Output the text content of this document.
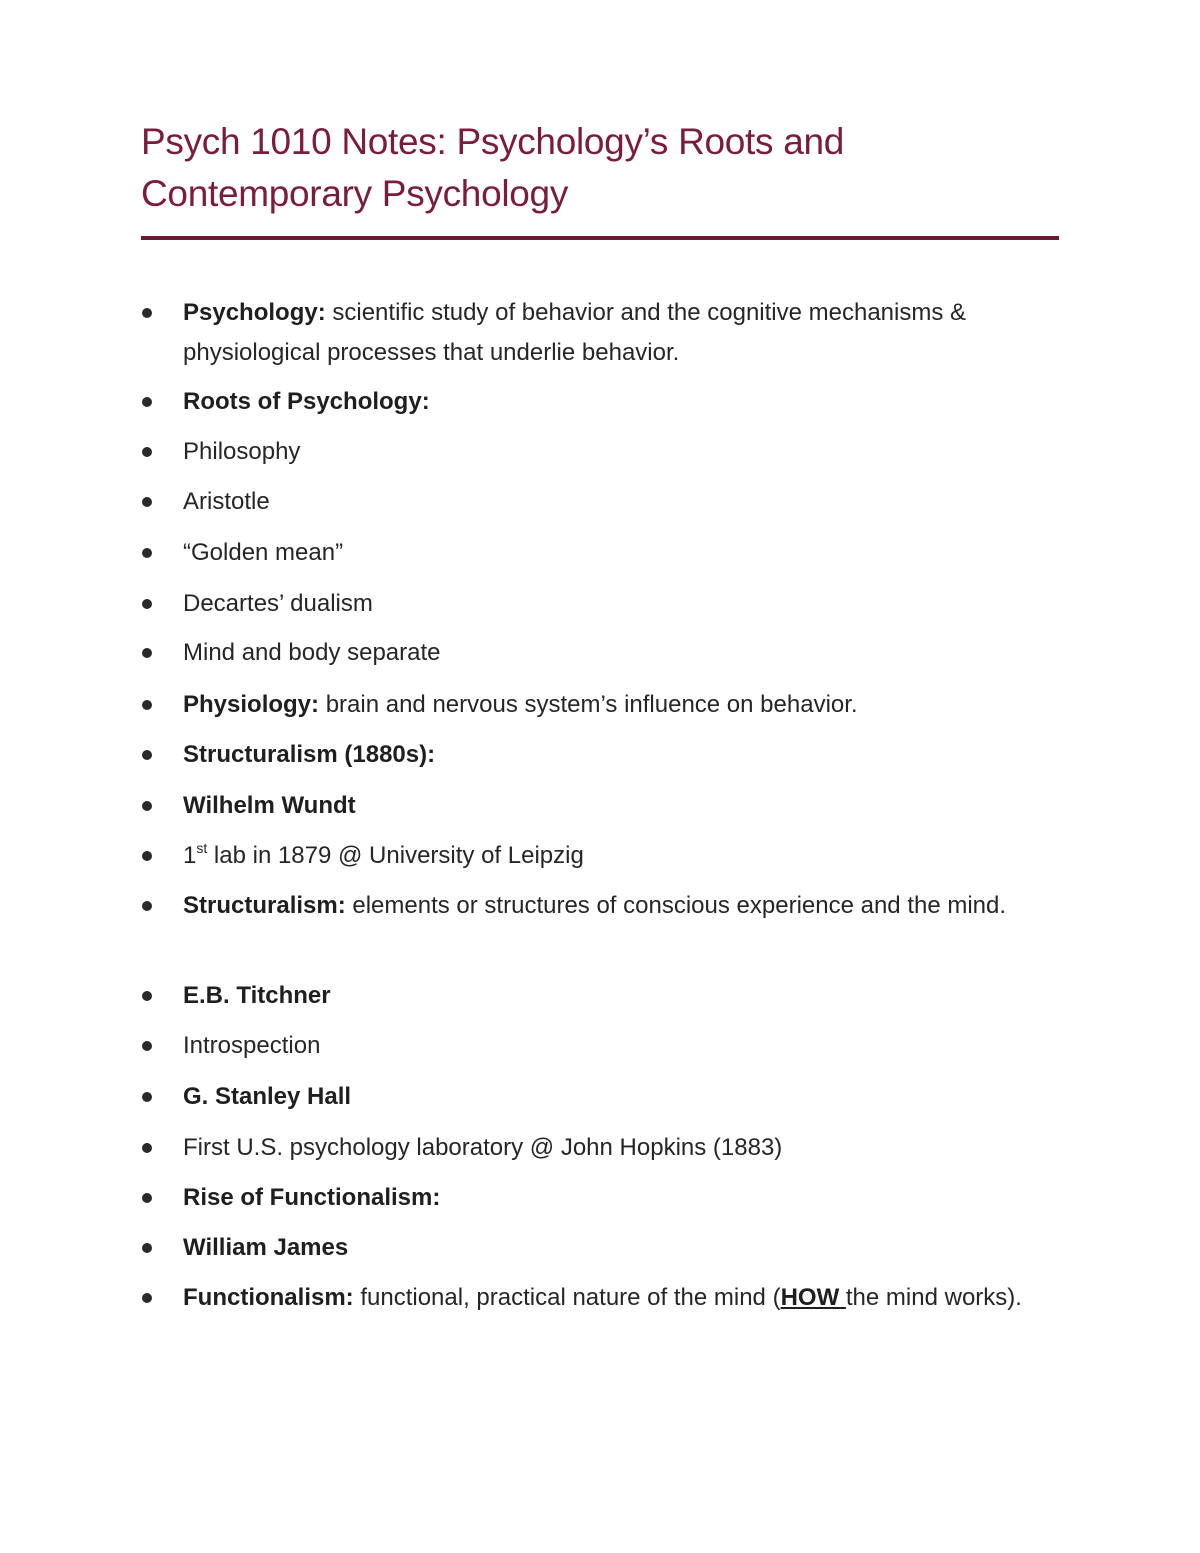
Psych 1010 Notes: Psychology’s Roots and Contemporary Psychology
Psychology: scientific study of behavior and the cognitive mechanisms & physiological processes that underlie behavior.
Roots of Psychology:
Philosophy
Aristotle
“Golden mean”
Decartes’ dualism
Mind and body separate
Physiology: brain and nervous system’s influence on behavior.
Structuralism (1880s):
Wilhelm Wundt
1st lab in 1879 @ University of Leipzig
Structuralism: elements or structures of conscious experience and the mind.
E.B. Titchner
Introspection
G. Stanley Hall
First U.S. psychology laboratory @ John Hopkins (1883)
Rise of Functionalism:
William James
Functionalism: functional, practical nature of the mind (HOW the mind works).
